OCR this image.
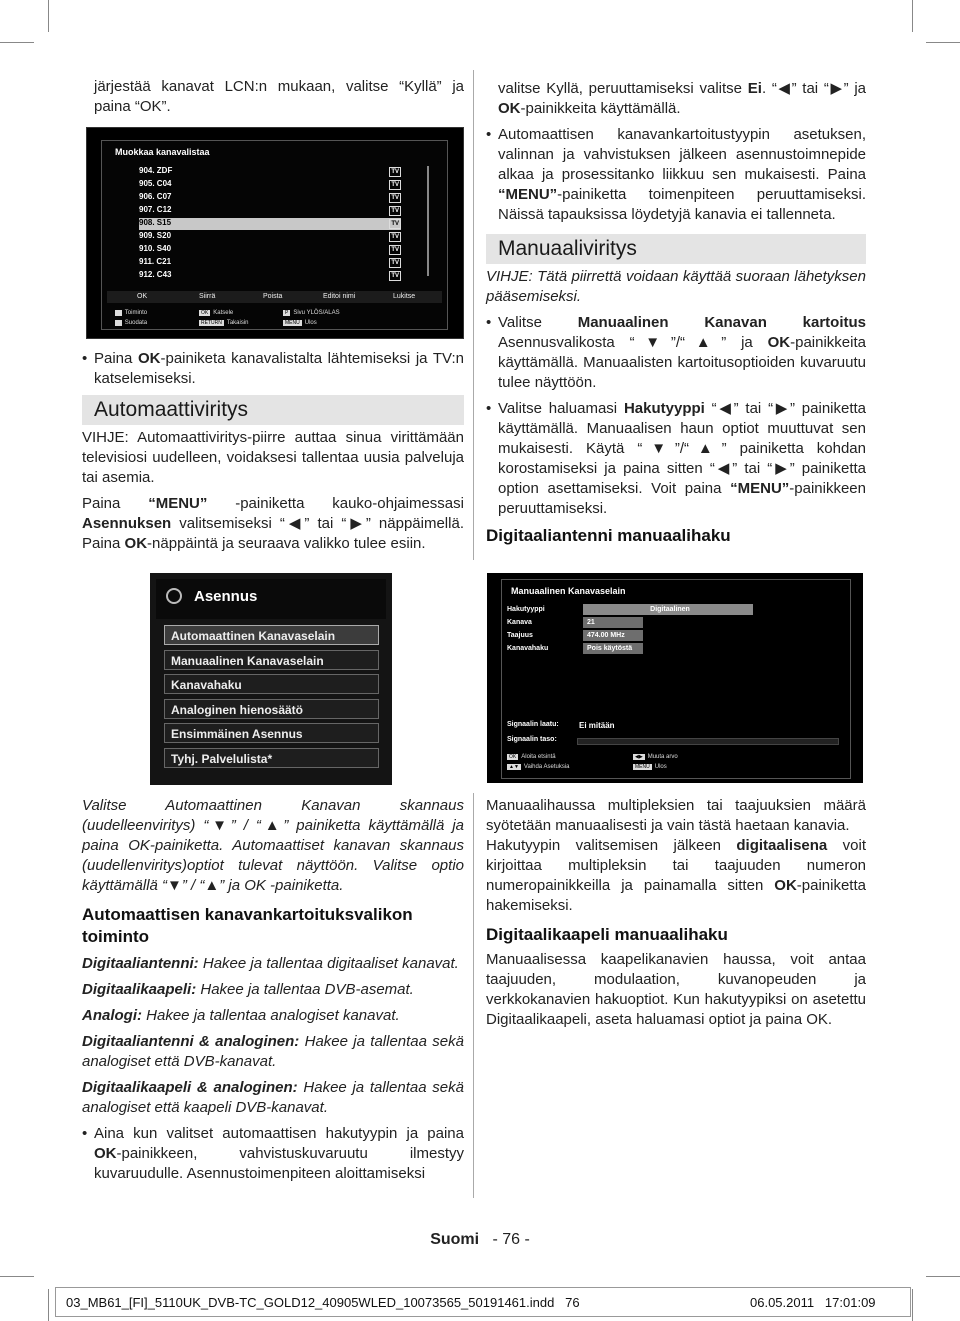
järjestää kanavat LCN:n mukaan, valitse “Kyllä” ja paina “OK”.

Muokkaa kanavalistaa
904. ZDF	TV
905. C04	TV
906. C07	TV
907. C12	TV
908. S15	TV
909. S20	TV
910. S40	TV
911. C21	TV
912. C43	TV
OK	Siirrä	Poista	Editoi nimi	Lukitse
Toiminto
Suodata
OK Katsele
RETURN Takaisin
P Sivu YLÖS/ALAS
MENU Ulos

• Paina OK-painiketa kanavalistalta lähtemiseksi ja TV:n katselemiseksi.

Automaattiviritys

VIHJE: Automaattiviritys-piirre auttaa sinua virittämään televisiosi uudelleen, voidaksesi tallentaa uusia palveluja tai asemia.

Paina “MENU” -painiketta kauko-ohjaimessasi Asennuksen valitsemiseksi “◀” tai “▶” näppäimellä. Paina OK-näppäintä ja seuraava valikko tulee esiin.

valitse Kyllä, peruuttamiseksi valitse Ei. “◀” tai “▶” ja OK-painikkeita käyttämällä.

• Automaattisen kanavankartoitustyypin asetuksen, valinnan ja vahvistuksen jälkeen asennustoimnepide alkaa ja prosessitanko liikkuu sen mukaisesti. Paina “MENU”-painiketta toimenpiteen peruuttamiseksi. Näissä tapauksissa löydetyjä kanavia ei tallenneta.

Manuaaliviritys

VIHJE: Tätä piirrettä voidaan käyttää suoraan lähetyksen pääsemiseksi.

• Valitse Manuaalinen Kanavan kartoitus Asennusvalikosta “▼”/“▲” ja OK-painikkeita käyttämällä. Manuaalisten kartoitusoptioiden kuvaruutu tulee näyttöön.

• Valitse haluamasi Hakutyyppi “◀” tai “▶” painiketta käyttämällä. Manuaalisen haun optiot muuttuvat sen mukaisesti. Käytä “▼”/“▲” painiketta kohdan korostamiseksi ja paina sitten “◀” tai “▶” painiketta option asettamiseksi. Voit paina “MENU”-painikkeen peruuttamiseksi.

Digitaaliantenni manuaalihaku
Asennus
Automaattinen Kanavaselain
Manuaalinen Kanavaselain
Kanavahaku
Analoginen hienosäätö
Ensimmäinen Asennus
Tyhj. Palvelulista*
Manuaalinen Kanavaselain
Hakutyyppi	Digitaalinen
Kanava	21
Taajuus	474.00 MHz
Kanavahaku	Pois käytöstä
Signaalin laatu:	Ei mitään
Signaalin taso:
OK Aloita etsintä
▲▼ Vaihda Asetuksia
◀▶ Muuta arvo
MENU Ulos

Valitse Automaattinen Kanavan skannaus (uudelleenviritys) “▼” / “▲” painiketta käyttämällä ja paina OK-painiketta. Automaattiset kanavan skannaus (uudellenviritys)optiot tulevat näyttöön. Valitse optio käyttämällä “▼” / “▲” ja OK -painiketta.

Automaattisen kanavankartoituksvalikon toiminto

Digitaaliantenni: Hakee ja tallentaa digitaaliset kanavat.

Digitaalikaapeli: Hakee ja tallentaa DVB-asemat.

Analogi: Hakee ja tallentaa analogiset kanavat.

Digitaaliantenni & analoginen: Hakee ja tallentaa sekä analogiset että DVB-kanavat.

Digitaalikaapeli & analoginen: Hakee ja tallentaa sekä analogiset että kaapeli DVB-kanavat.

• Aina kun valitset automaattisen hakutyypin ja paina OK-painikkeen, vahvistuskuvaruutu ilmestyy kuvaruudulle. Asennustoimenpiteen aloittamiseksi

Manuaalihaussa multipleksien tai taajuuksien määrä syötetään manuaalisesti ja vain tästä haetaan kanavia.

Hakutyypin valitsemisen jälkeen digitaalisena voit kirjoittaa multipleksin tai taajuuden numeron numeropainikkeilla ja painamalla sitten OK-painiketta hakemiseksi.

Digitaalikaapeli manuaalihaku

Manuaalisessa kaapelikanavien haussa, voit antaa taajuuden, modulaation, kuvanopeuden ja verkkokanavien hakuoptiot. Kun hakutyypiksi on asetettu Digitaalikaapeli, aseta haluamasi optiot ja paina OK.

Suomi - 76 -
03_MB61_[FI]_5110UK_DVB-TC_GOLD12_40905WLED_10073565_50191461.indd   76	06.05.2011   17:01:09
